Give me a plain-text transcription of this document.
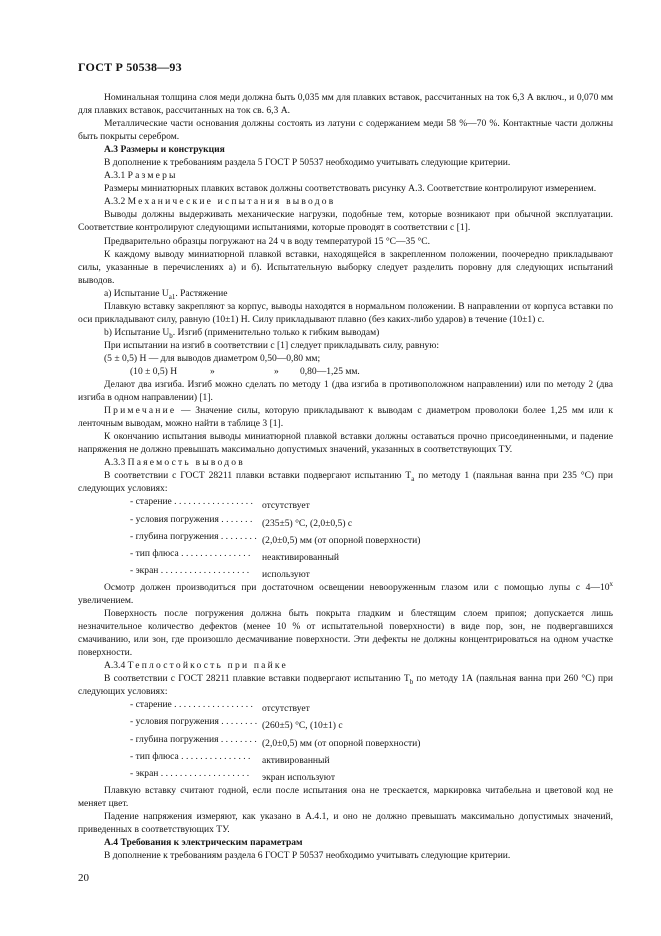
ГОСТ Р 50538—93

Номинальная толщина слоя меди должна быть 0,035 мм для плавких вставок, рассчитанных на ток 6,3 А включ., и 0,070 мм для плавких вставок, рассчитанных на ток св. 6,3 А.

Металлические части основания должны состоять из латуни с содержанием меди 58 %—70 %. Контактные части должны быть покрыты серебром.

А.3 Размеры и конструкция

В дополнение к требованиям раздела 5 ГОСТ Р 50537 необходимо учитывать следующие критерии.

А.3.1 Размеры

Размеры миниатюрных плавких вставок должны соответствовать рисунку А.3. Соответствие контролируют измерением.

А.3.2 Механические испытания выводов

Выводы должны выдерживать механические нагрузки, подобные тем, которые возникают при обычной эксплуатации. Соответствие контролируют следующими испытаниями, которые проводят в соответствии с [1].

Предварительно образцы погружают на 24 ч в воду температурой 15 °С—35 °С.

К каждому выводу миниатюрной плавкой вставки, находящейся в закрепленном положении, поочередно прикладывают силы, указанные в перечислениях а) и б). Испытательную выборку следует разделить поровну для следующих испытаний выводов.

а) Испытание $U_{a1}$. Растяжение

Плавкую вставку закрепляют за корпус, выводы находятся в нормальном положении. В направлении от корпуса вставки по оси прикладывают силу, равную (10±1) Н. Силу прикладывают плавно (без каких-либо ударов) в течение (10±1) с.

b) Испытание $U_b$. Изгиб (применительно только к гибким выводам)

При испытании на изгиб в соответствии с [1] следует прикладывать силу, равную:

(5 ± 0,5) Н — для выводов диаметром 0,50—0,80 мм;

(10 ± 0,5) Н	»	» 0,80—1,25 мм.

Делают два изгиба. Изгиб можно сделать по методу 1 (два изгиба в противоположном направлении) или по методу 2 (два изгиба в одном направлении) [1].

Примечание — Значение силы, которую прикладывают к выводам с диаметром проволоки более 1,25 мм или к ленточным выводам, можно найти в таблице 3 [1].

К окончанию испытания выводы миниатюрной плавкой вставки должны оставаться прочно присоединенными, и падение напряжения не должно превышать максимально допустимых значений, указанных в соответствующих ТУ.

А.3.3 Паяемость выводов

В соответствии с ГОСТ 28211 плавки вставки подвергают испытанию $Т_a$ по методу 1 (паяльная ванна при 235 °С) при следующих условиях:

- старение . . . . . . . . . . . . . . . . . отсутствует

- условия погружения . . . . . . . (235±5) °С, (2,0±0,5) с

- глубина погружения . . . . . . . . (2,0±0,5) мм (от опорной поверхности)

- тип флюса . . . . . . . . . . . . . . . неактивированный

- экран . . . . . . . . . . . . . . . . . . . используют

Осмотр должен производиться при достаточном освещении невооруженным глазом или с помощью лупы с $4—10^х$ увеличением.

Поверхность после погружения должна быть покрыта гладким и блестящим слоем припоя; допускается лишь незначительное количество дефектов (менее 10 % от испытательной поверхности) в виде пор, зон, не подвергавшихся смачиванию, или зон, где произошло десмачивание поверхности. Эти дефекты не должны концентрироваться на одном участке поверхности.

А.3.4 Теплостойкость при пайке

В соответствии с ГОСТ 28211 плавкие вставки подвергают испытанию $Т_b$ по методу 1А (паяльная ванна при 260 °С) при следующих условиях:

- старение . . . . . . . . . . . . . . . . . отсутствует

- условия погружения . . . . . . . . (260±5) °С, (10±1) с

- глубина погружения . . . . . . . . (2,0±0,5) мм (от опорной поверхности)

- тип флюса . . . . . . . . . . . . . . . активированный

- экран . . . . . . . . . . . . . . . . . . . экран используют

Плавкую вставку считают годной, если после испытания она не трескается, маркировка читабельна и цветовой код не меняет цвет.

Падение напряжения измеряют, как указано в А.4.1, и оно не должно превышать максимально допустимых значений, приведенных в соответствующих ТУ.

А.4 Требования к электрическим параметрам

В дополнение к требованиям раздела 6 ГОСТ Р 50537 необходимо учитывать следующие критерии.

20
